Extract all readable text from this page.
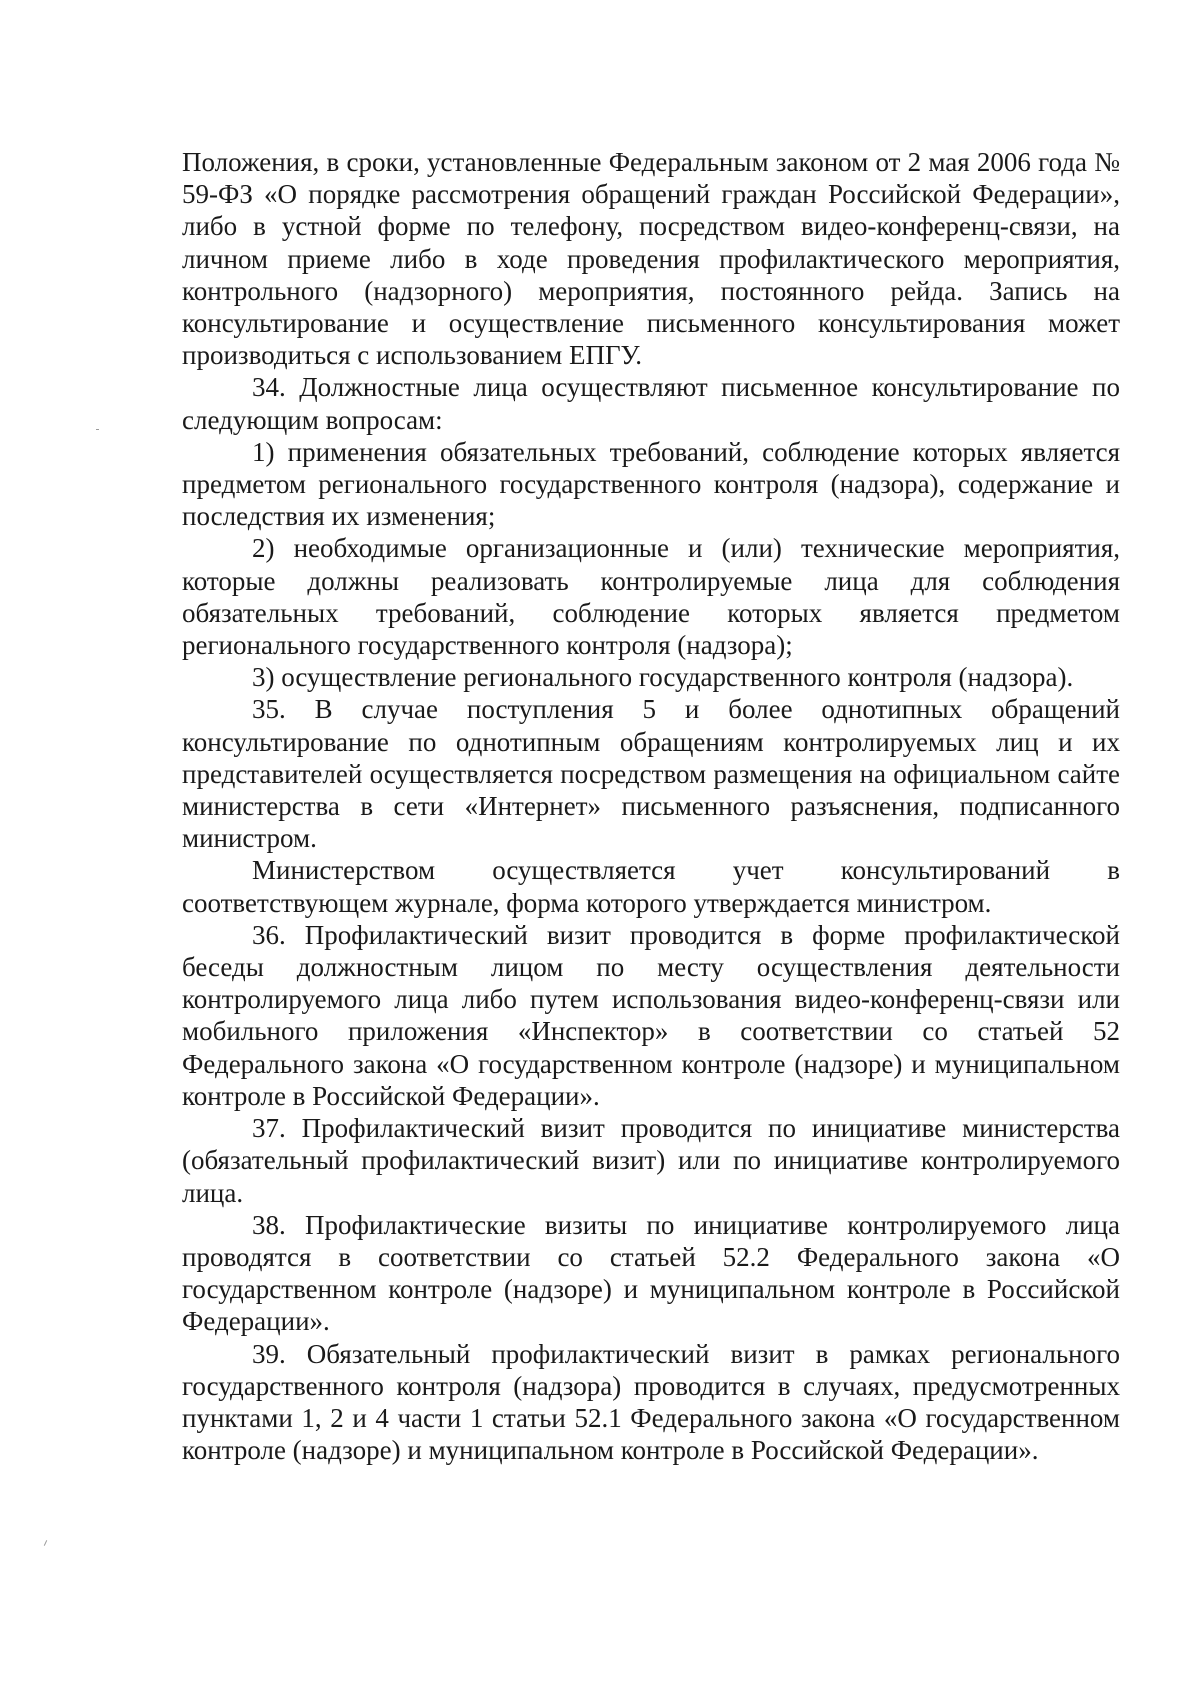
Положения, в сроки, установленные Федеральным законом от 2 мая 2006 года № 59-ФЗ «О порядке рассмотрения обращений граждан Российской Федерации», либо в устной форме по телефону, посредством видео-конференц-связи, на личном приеме либо в ходе проведения профилактического мероприятия, контрольного (надзорного) мероприятия, постоянного рейда. Запись на консультирование и осуществление письменного консультирования может производиться с использованием ЕПГУ.

34. Должностные лица осуществляют письменное консультирование по следующим вопросам:

1) применения обязательных требований, соблюдение которых является предметом регионального государственного контроля (надзора), содержание и последствия их изменения;

2) необходимые организационные и (или) технические мероприятия, которые должны реализовать контролируемые лица для соблюдения обязательных требований, соблюдение которых является предметом регионального государственного контроля (надзора);

3) осуществление регионального государственного контроля (надзора).

35. В случае поступления 5 и более однотипных обращений консультирование по однотипным обращениям контролируемых лиц и их представителей осуществляется посредством размещения на официальном сайте министерства в сети «Интернет» письменного разъяснения, подписанного министром.

Министерством осуществляется учет консультирований в соответствующем журнале, форма которого утверждается министром.

36. Профилактический визит проводится в форме профилактической беседы должностным лицом по месту осуществления деятельности контролируемого лица либо путем использования видео-конференц-связи или мобильного приложения «Инспектор» в соответствии со статьей 52 Федерального закона «О государственном контроле (надзоре) и муниципальном контроле в Российской Федерации».

37. Профилактический визит проводится по инициативе министерства (обязательный профилактический визит) или по инициативе контролируемого лица.

38. Профилактические визиты по инициативе контролируемого лица проводятся в соответствии со статьей 52.2 Федерального закона «О государственном контроле (надзоре) и муниципальном контроле в Российской Федерации».

39. Обязательный профилактический визит в рамках регионального государственного контроля (надзора) проводится в случаях, предусмотренных пунктами 1, 2 и 4 части 1 статьи 52.1 Федерального закона «О государственном контроле (надзоре) и муниципальном контроле в Российской Федерации».
